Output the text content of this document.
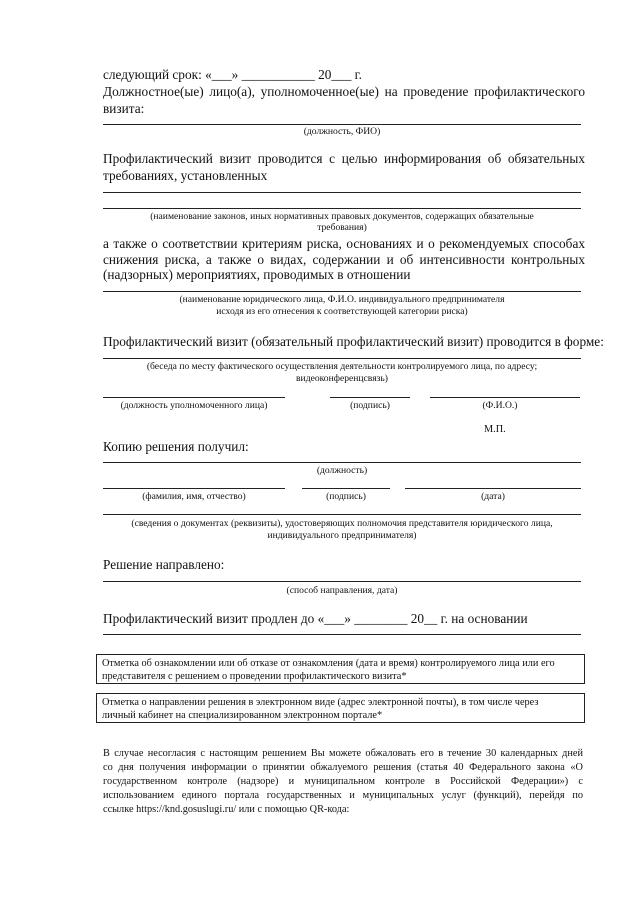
следующий срок: «___» ___________ 20___ г.
Должностное(ые) лицо(а), уполномоченное(ые) на проведение профилактического
визита:
(должность, ФИО)
Профилактический визит проводится с целью информирования об обязательных
требованиях, установленных
(наименование законов, иных нормативных правовых документов, содержащих обязательные
требования)
а также о соответствии критериям риска, основаниях и о рекомендуемых способах
снижения риска, а также о видах, содержании и об интенсивности контрольных
(надзорных) мероприятиях, проводимых в отношении
(наименование юридического лица, Ф.И.О. индивидуального предпринимателя
исходя из его отнесения к соответствующей категории риска)
Профилактический визит (обязательный профилактический визит) проводится в форме:
(беседа по месту фактического осуществления деятельности контролируемого лица, по адресу;
видеоконференцсвязь)
(должность уполномоченного лица)	(подпись)	(Ф.И.О.)
М.П.
Копию решения получил:
(должность)
(фамилия, имя, отчество)	(подпись)	(дата)
(сведения о документах (реквизиты), удостоверяющих полномочия представителя юридического лица,
индивидуального предпринимателя)
Решение направлено:
(способ направления, дата)
Профилактический визит продлен до «___» ________ 20__ г. на основании
Отметка об ознакомлении или об отказе от ознакомления (дата и время) контролируемого лица или его
представителя с решением о проведении профилактического визита*
Отметка о направлении решения в электронном виде (адрес электронной почты), в том числе через
личный кабинет на специализированном электронном портале*
В случае несогласия с настоящим решением Вы можете обжаловать его в течение 30 календарных дней
со дня получения информации о принятии обжалуемого решения (статья 40 Федерального закона «О
государственном контроле (надзоре) и муниципальном контроле в Российской Федерации») с
использованием единого портала государственных и муниципальных услуг (функций), перейдя по
ссылке https://knd.gosuslugi.ru/ или с помощью QR-кода:
